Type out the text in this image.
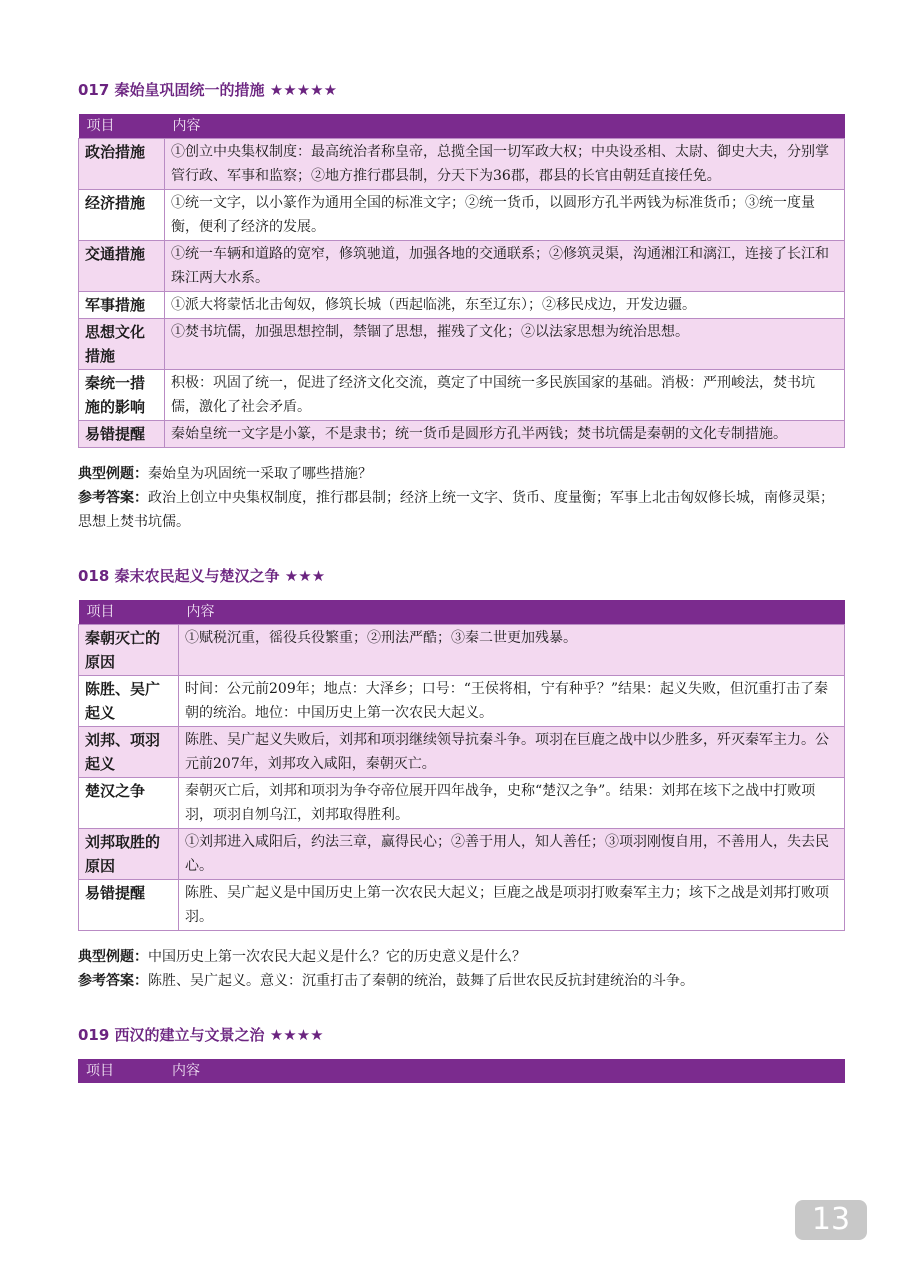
017 秦始皇巩固统一的措施 ★★★★★
项目	内容
政治措施	①创立中央集权制度：最高统治者称皇帝，总揽全国一切军政大权；中央设丞相、太尉、御史大夫，分别掌管行政、军事和监察；②地方推行郡县制，分天下为36郡，郡县的长官由朝廷直接任免。
经济措施	①统一文字，以小篆作为通用全国的标准文字；②统一货币，以圆形方孔半两钱为标准货币；③统一度量衡，便利了经济的发展。
交通措施	①统一车辆和道路的宽窄，修筑驰道，加强各地的交通联系；②修筑灵渠，沟通湘江和漓江，连接了长江和珠江两大水系。
军事措施	①派大将蒙恬北击匈奴，修筑长城（西起临洮，东至辽东）；②移民戍边，开发边疆。
思想文化措施	①焚书坑儒，加强思想控制，禁锢了思想，摧残了文化；②以法家思想为统治思想。
秦统一措施的影响	积极：巩固了统一，促进了经济文化交流，奠定了中国统一多民族国家的基础。消极：严刑峻法，焚书坑儒，激化了社会矛盾。
易错提醒	秦始皇统一文字是小篆，不是隶书；统一货币是圆形方孔半两钱；焚书坑儒是秦朝的文化专制措施。
典型例题：秦始皇为巩固统一采取了哪些措施？
参考答案：政治上创立中央集权制度，推行郡县制；经济上统一文字、货币、度量衡；军事上北击匈奴修长城，南修灵渠；思想上焚书坑儒。
018 秦末农民起义与楚汉之争 ★★★
项目	内容
秦朝灭亡的原因	①赋税沉重，徭役兵役繁重；②刑法严酷；③秦二世更加残暴。
陈胜、吴广起义	时间：公元前209年；地点：大泽乡；口号：“王侯将相，宁有种乎？”结果：起义失败，但沉重打击了秦朝的统治。地位：中国历史上第一次农民大起义。
刘邦、项羽起义	陈胜、吴广起义失败后，刘邦和项羽继续领导抗秦斗争。项羽在巨鹿之战中以少胜多，歼灭秦军主力。公元前207年，刘邦攻入咸阳，秦朝灭亡。
楚汉之争	秦朝灭亡后，刘邦和项羽为争夺帝位展开四年战争，史称“楚汉之争”。结果：刘邦在垓下之战中打败项羽，项羽自刎乌江，刘邦取得胜利。
刘邦取胜的原因	①刘邦进入咸阳后，约法三章，赢得民心；②善于用人，知人善任；③项羽刚愎自用，不善用人，失去民心。
易错提醒	陈胜、吴广起义是中国历史上第一次农民大起义；巨鹿之战是项羽打败秦军主力；垓下之战是刘邦打败项羽。
典型例题：中国历史上第一次农民大起义是什么？它的历史意义是什么？
参考答案：陈胜、吴广起义。意义：沉重打击了秦朝的统治，鼓舞了后世农民反抗封建统治的斗争。
019 西汉的建立与文景之治 ★★★★
项目	内容
13
